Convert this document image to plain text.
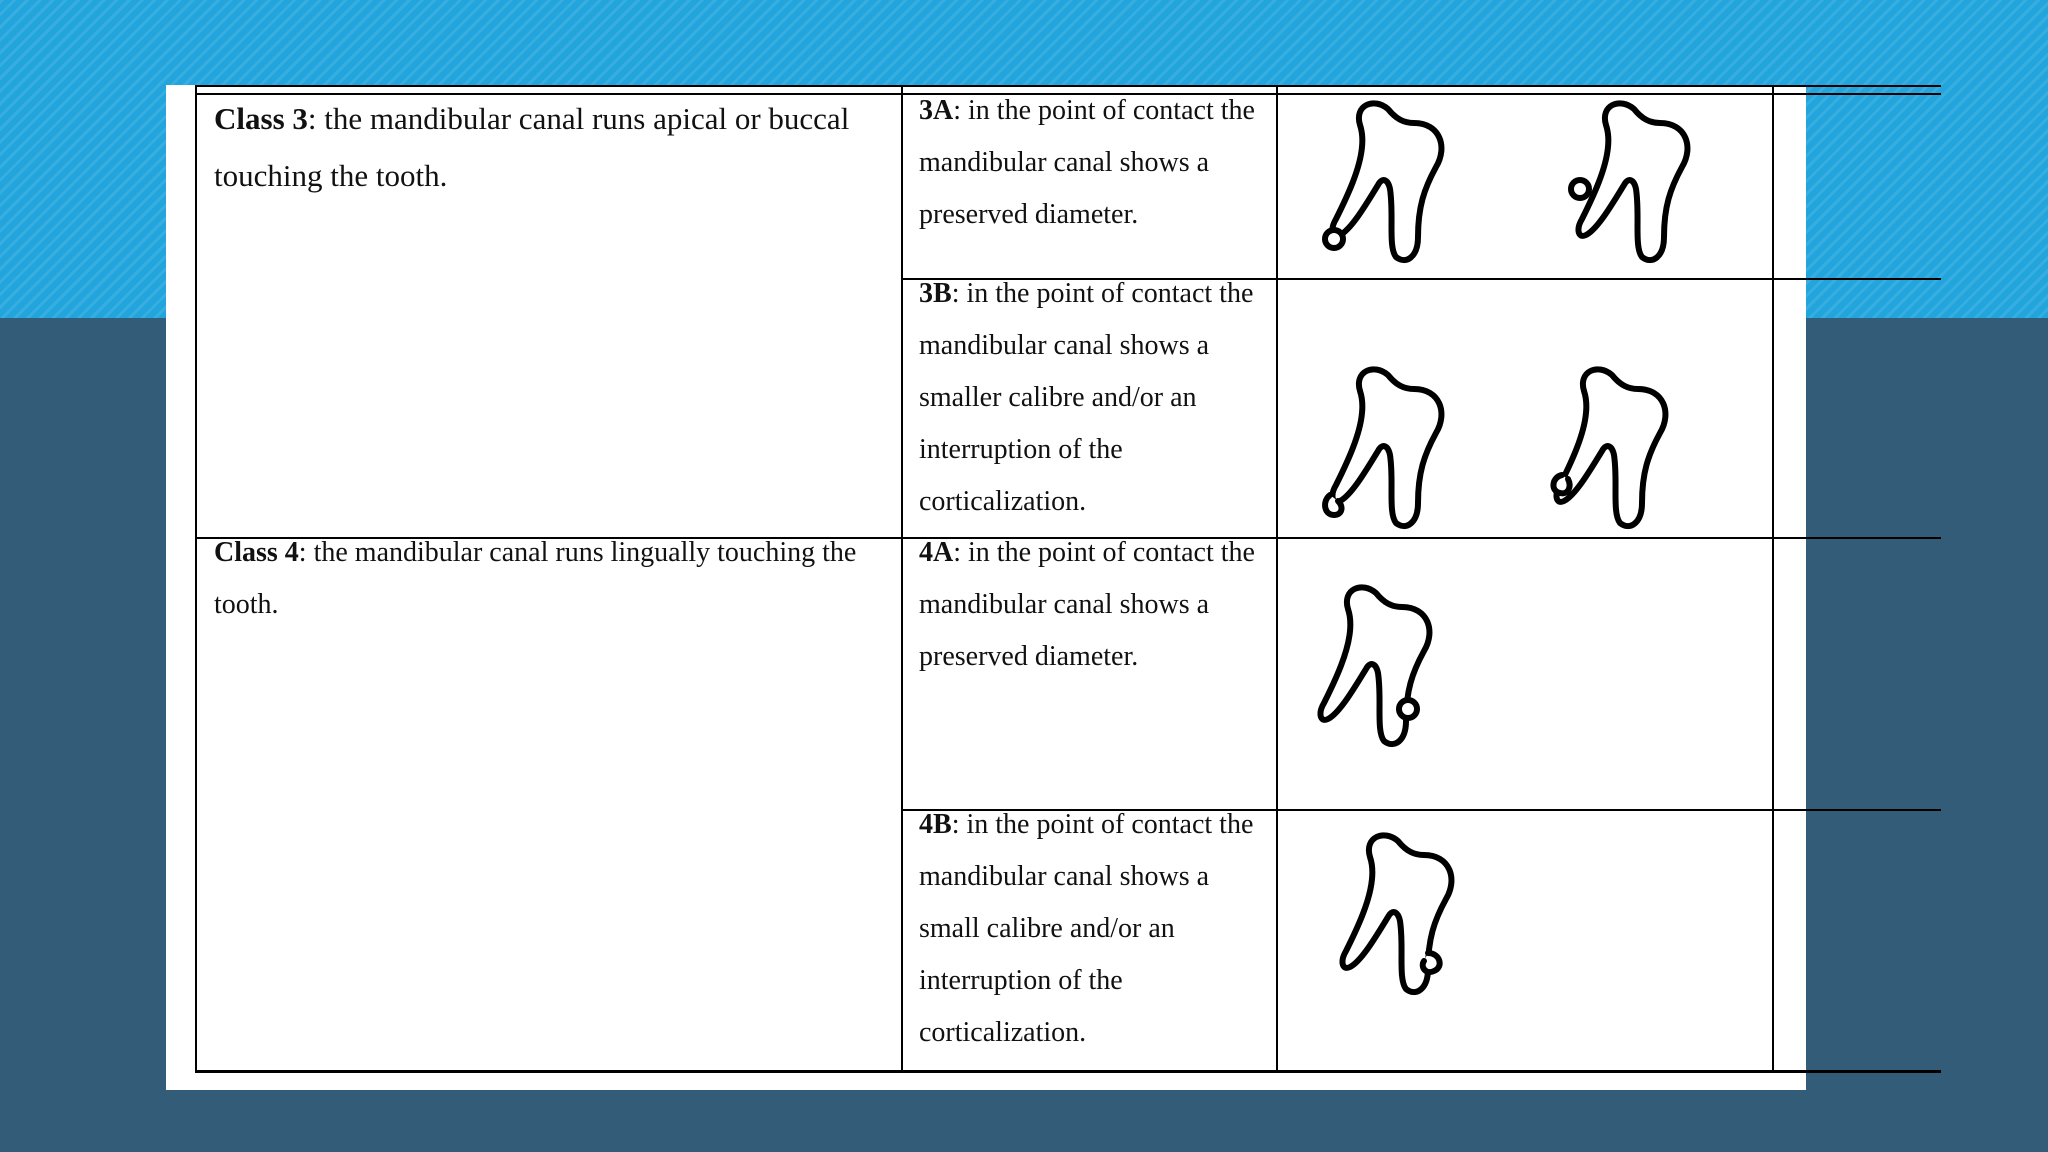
Class 3: the mandibular canal runs apical or buccal touching the tooth.
3A: in the point of contact the mandibular canal shows a preserved diameter.
3B: in the point of contact the mandibular canal shows a smaller calibre and/or an interruption of the corticalization.
Class 4: the mandibular canal runs lingually touching the tooth.
4A: in the point of contact the mandibular canal shows a preserved diameter.
4B: in the point of contact the mandibular canal shows a small calibre and/or an interruption of the corticalization.
